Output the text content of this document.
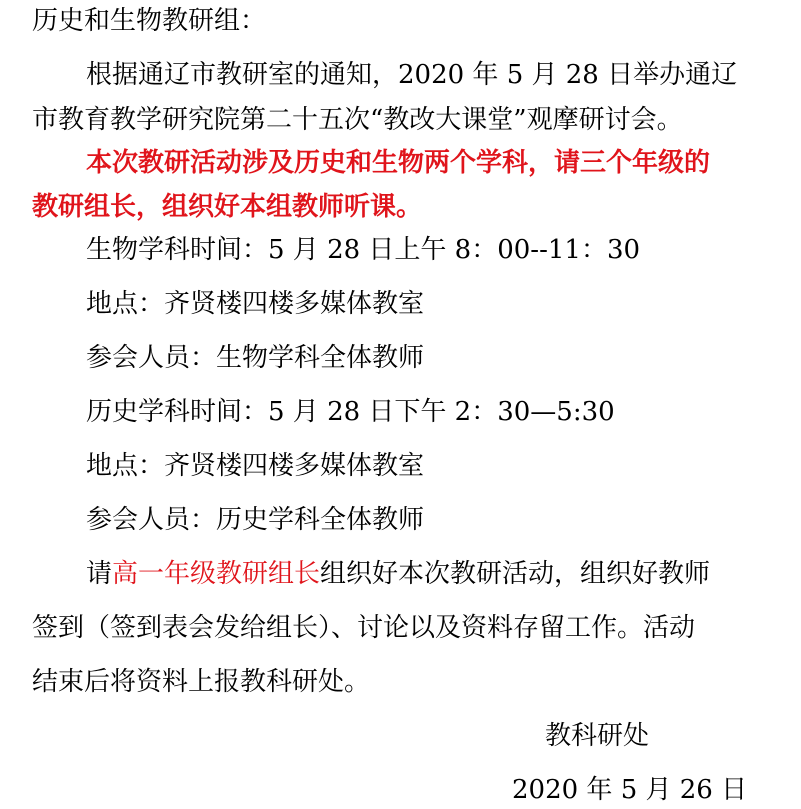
历史和生物教研组：
根据通辽市教研室的通知，2020 年 5 月 28 日举办通辽
市教育教学研究院第二十五次“教改大课堂”观摩研讨会。
本次教研活动涉及历史和生物两个学科，请三个年级的
教研组长，组织好本组教师听课。
生物学科时间：5 月 28 日上午 8：00--11：30
地点：齐贤楼四楼多媒体教室
参会人员：生物学科全体教师
历史学科时间：5 月 28 日下午 2：30—5:30
地点：齐贤楼四楼多媒体教室
参会人员：历史学科全体教师
请高一年级教研组长组织好本次教研活动，组织好教师
签到（签到表会发给组长）、讨论以及资料存留工作。活动
结束后将资料上报教科研处。
教科研处
2020 年 5 月 26 日
